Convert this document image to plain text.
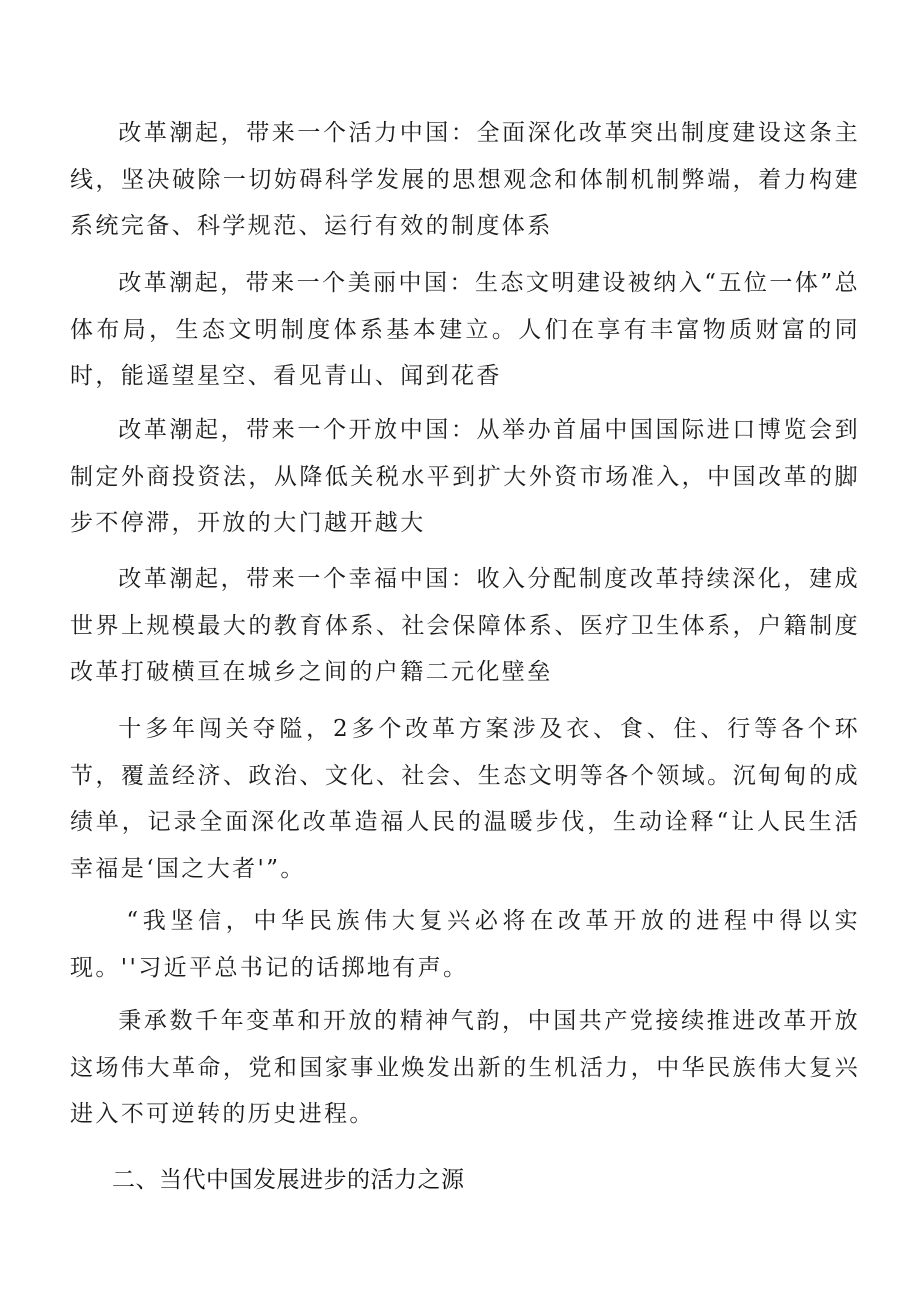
改革潮起，带来一个活力中国：全面深化改革突出制度建设这条主线，坚决破除一切妨碍科学发展的思想观念和体制机制弊端，着力构建系统完备、科学规范、运行有效的制度体系

改革潮起，带来一个美丽中国：生态文明建设被纳入“五位一体”总体布局，生态文明制度体系基本建立。人们在享有丰富物质财富的同时，能遥望星空、看见青山、闻到花香

改革潮起，带来一个开放中国：从举办首届中国国际进口博览会到制定外商投资法，从降低关税水平到扩大外资市场准入，中国改革的脚步不停滞，开放的大门越开越大

改革潮起，带来一个幸福中国：收入分配制度改革持续深化，建成世界上规模最大的教育体系、社会保障体系、医疗卫生体系，户籍制度改革打破横亘在城乡之间的户籍二元化壁垒

十多年闯关夺隘，2多个改革方案涉及衣、食、住、行等各个环节，覆盖经济、政治、文化、社会、生态文明等各个领域。沉甸甸的成绩单，记录全面深化改革造福人民的温暖步伐，生动诠释“让人民生活幸福是‘国之大者'”。

“我坚信，中华民族伟大复兴必将在改革开放的进程中得以实现。''习近平总书记的话掷地有声。

秉承数千年变革和开放的精神气韵，中国共产党接续推进改革开放这场伟大革命，党和国家事业焕发出新的生机活力，中华民族伟大复兴进入不可逆转的历史进程。

二、当代中国发展进步的活力之源
